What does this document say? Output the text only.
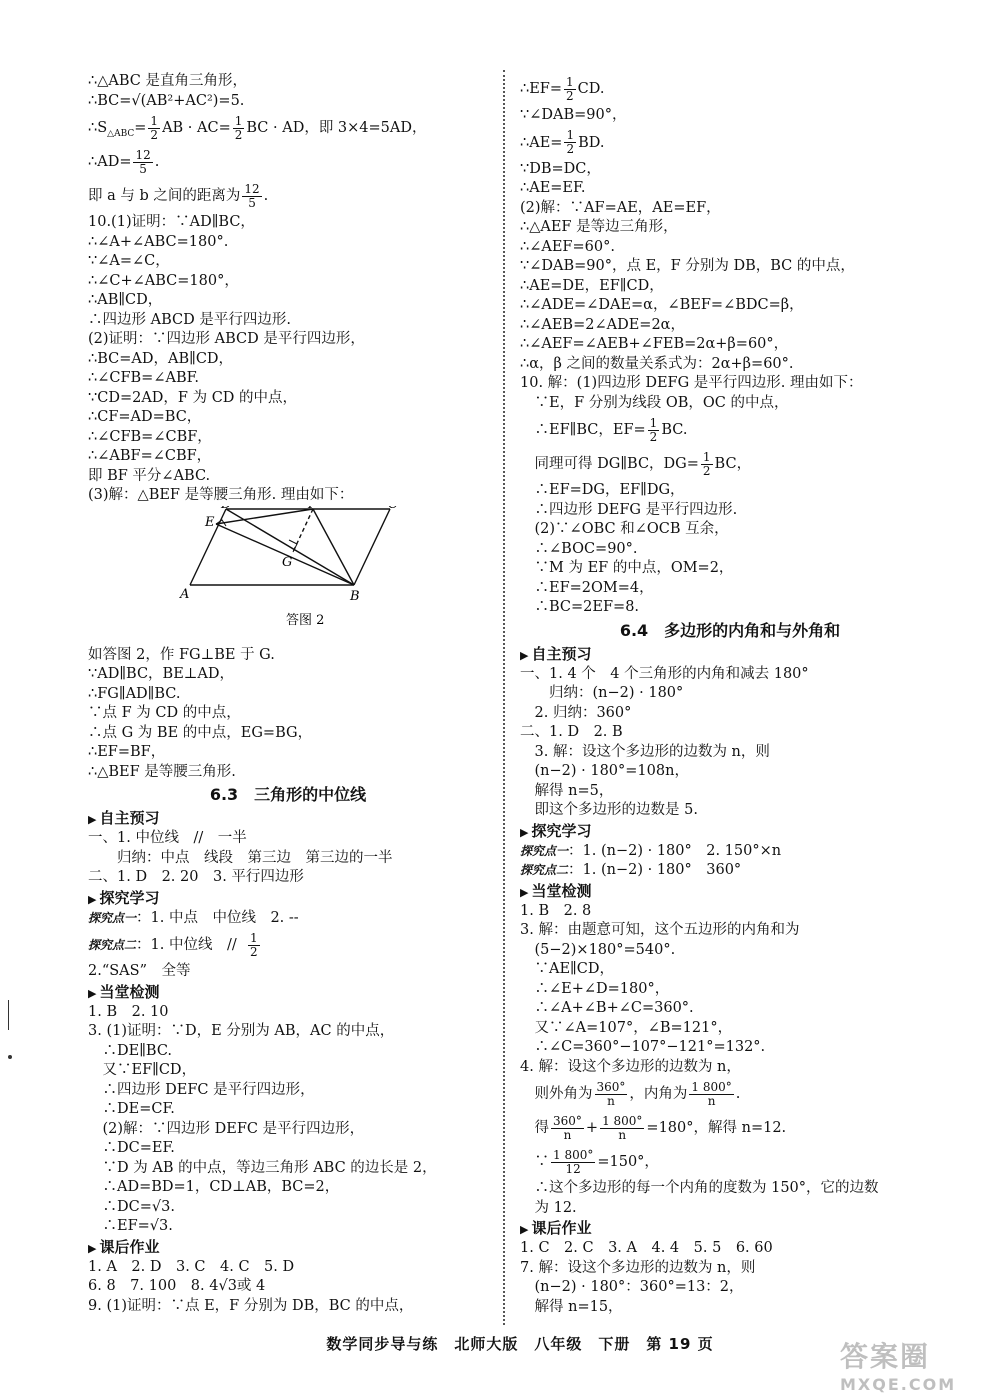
∴△ABC 是直角三角形，
∴BC=√(AB²+AC²)=5.
$\therefore S_{\triangle ABC}= \frac{1}{2}$ AB · $AC= \frac{1}{2}$ BC · AD，即 3×4=5AD，
∴AD= $\frac{12}{5}$ .
即 a 与 b 之间的距离为 $\frac{12}{5}$ .
10.(1)证明：∵AD∥BC，
∴∠A+∠ABC=180°.
∵∠A=∠C，
∴∠C+∠ABC=180°，
∴AB∥CD，
∴四边形 ABCD 是平行四边形.
(2)证明：∵四边形 ABCD 是平行四边形，
∴BC=AD，AB∥CD，
∴∠CFB=∠ABF.
∵CD=2AD，F 为 CD 的中点，
∴CF=AD=BC，
∴∠CFB=∠CBF，
∴∠ABF=∠CBF，
即 BF 平分∠ABC.
(3)解：△BEF 是等腰三角形. 理由如下：
E
G
A	B
答图 2
如答图 2，作 FG⊥BE 于 G.
∵AD∥BC，BE⊥AD，
∴FG∥AD∥BC.
∵点 F 为 CD 的中点，
∴点 G 为 BE 的中点，EG=BG，
∴EF=BF，
∴△BEF 是等腰三角形.
6.3　三角形的中位线
▶ 自主预习
一、1. 中位线　//　一半
　　归纳：中点　线段　第三边　第三边的一半
二、1. D　2. 20　3. 平行四边形
▶ 探究学习
探究点一：1. 中点　中位线　2. --
探究点二：1. 中位线　// $\frac{1}{2}$
2.“SAS”　全等
▶ 当堂检测
1. B　2. 10
3. (1)证明：∵D，E 分别为 AB，AC 的中点，
　∴DE∥BC.
　又∵EF∥CD，
　∴四边形 DEFC 是平行四边形，
　∴DE=CF.
　(2)解：∵四边形 DEFC 是平行四边形，
　∴DC=EF.
　∵D 为 AB 的中点，等边三角形 ABC 的边长是 2，
　∴AD=BD=1，CD⊥AB，BC=2，
　∴DC=√3.
　∴EF=√3.
▶ 课后作业
1. A　2. D　3. C　4. C　5. D
6. 8　7. 100　8. 4√3或 4
9. (1)证明：∵点 E，F 分别为 DB，BC 的中点，
∴EF= $\frac{1}{2}$ CD.
∵∠DAB=90°，
∴AE= $\frac{1}{2}$ BD.
∵DB=DC，
∴AE=EF.
(2)解：∵AF=AE，AE=EF，
∴△AEF 是等边三角形，
∴∠AEF=60°.
∵∠DAB=90°，点 E，F 分别为 DB，BC 的中点，
∴AE=DE，EF∥CD，
∴∠ADE=∠DAE=α，∠BEF=∠BDC=β，
∴∠AEB=2∠ADE=2α，
∴∠AEF=∠AEB+∠FEB=2α+β=60°，
∴α，β 之间的数量关系式为：2α+β=60°.
10. 解：(1)四边形 DEFG 是平行四边形. 理由如下：
　∵E，F 分别为线段 OB，OC 的中点，
　∴EF∥BC，$EF= \frac{1}{2}$ BC.
　同理可得 DG∥BC，$DG= \frac{1}{2}$ BC，
　∴EF=DG，EF∥DG，
　∴四边形 DEFG 是平行四边形.
　(2)∵∠OBC 和∠OCB 互余，
　∴∠BOC=90°.
　∵M 为 EF 的中点，OM=2，
　∴EF=2OM=4，
　∴BC=2EF=8.
6.4　多边形的内角和与外角和
▶ 自主预习
一、1. 4 个　4 个三角形的内角和减去 180°
　　归纳：(n−2) · 180°
　2. 归纳：360°
二、1. D　2. B
　3. 解：设这个多边形的边数为 n，则
　(n−2) · 180°=108n，
　解得 n=5，
　即这个多边形的边数是 5.
▶ 探究学习
探究点一：1. (n−2) · 180°　2. 150°×n
探究点二：1. (n−2) · 180°　360°
▶ 当堂检测
1. B　2. 8
3. 解：由题意可知，这个五边形的内角和为
　(5−2)×180°=540°.
　∵AE∥CD，
　∴∠E+∠D=180°，
　∴∠A+∠B+∠C=360°.
　又∵∠A=107°，∠B=121°，
　∴∠C=360°−107°−121°=132°.
4. 解：设这个多边形的边数为 n，
　则外角为 $\frac{360^\circ}{n}$ ，内角为 $\frac{1 800^\circ}{n}$ .
　得 $\frac{360^\circ}{n} + \frac{1 800^\circ}{n} =180^\circ$，解得 n=12.
　∵ $\frac{1 800^\circ}{12} =150^\circ$，
　∴这个多边形的每一个内角的度数为 150°，它的边数
　为 12.
▶ 课后作业
1. C　2. C　3. A　4. 4　5. 5　6. 60
7. 解：设这个多边形的边数为 n，则
　(n−2) · 180°：360°=13：2，
　解得 n=15，
数学同步导与练　北师大版　八年级　下册　第 19 页	答案圈
MXQE.COM
